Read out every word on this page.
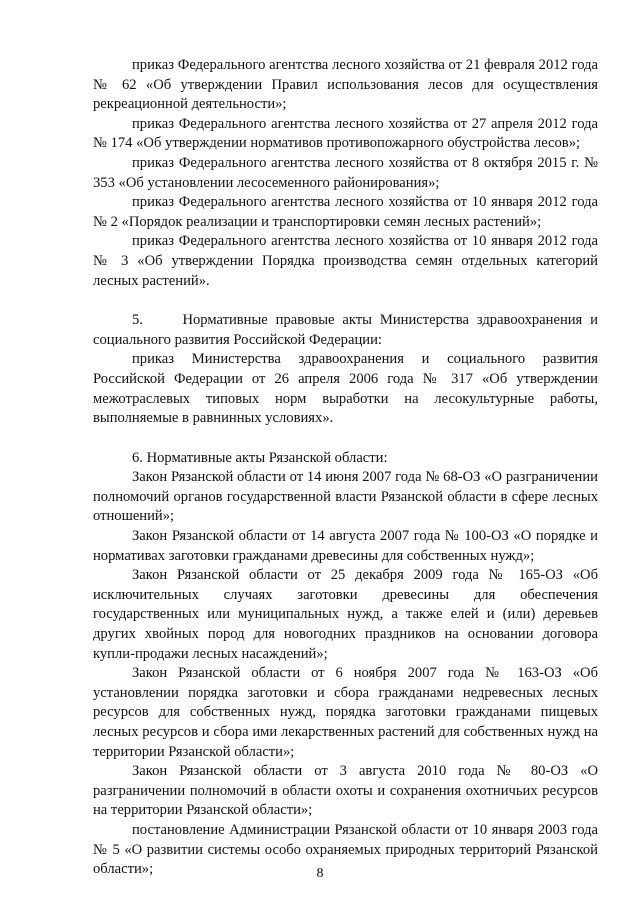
приказ Федерального агентства лесного хозяйства от 21 февраля 2012 года № 62 «Об утверждении Правил использования лесов для осуществления рекреационной деятельности»;

приказ Федерального агентства лесного хозяйства от 27 апреля 2012 года № 174 «Об утверждении нормативов противопожарного обустройства лесов»;

приказ Федерального агентства лесного хозяйства от 8 октября 2015 г. № 353 «Об установлении лесосеменного районирования»;

приказ Федерального агентства лесного хозяйства от 10 января 2012 года № 2 «Порядок реализации и транспортировки семян лесных растений»;

приказ Федерального агентства лесного хозяйства от 10 января 2012 года № 3 «Об утверждении Порядка производства семян отдельных категорий лесных растений».

5.     Нормативные правовые акты Министерства здравоохранения и социального развития Российской Федерации:

приказ Министерства здравоохранения и социального развития Российской Федерации от 26 апреля 2006 года № 317 «Об утверждении межотраслевых типовых норм выработки на лесокультурные работы, выполняемые в равнинных условиях».

6. Нормативные акты Рязанской области:

Закон Рязанской области от 14 июня 2007 года № 68-ОЗ «О разграничении полномочий органов государственной власти Рязанской области в сфере лесных отношений»;

Закон Рязанской области от 14 августа 2007 года № 100-ОЗ «О порядке и нормативах заготовки гражданами древесины для собственных нужд»;

Закон Рязанской области от 25 декабря 2009 года № 165-ОЗ «Об исключительных случаях заготовки древесины для обеспечения государственных или муниципальных нужд, а также елей и (или) деревьев других хвойных пород для новогодних праздников на основании договора купли-продажи лесных насаждений»;

Закон Рязанской области от 6 ноября 2007 года № 163-ОЗ «Об установлении порядка заготовки и сбора гражданами недревесных лесных ресурсов для собственных нужд, порядка заготовки гражданами пищевых лесных ресурсов и сбора ими лекарственных растений для собственных нужд на территории Рязанской области»;

Закон Рязанской области от 3 августа 2010 года № 80-ОЗ «О разграничении полномочий в области охоты и сохранения охотничьих ресурсов на территории Рязанской области»;

постановление Администрации Рязанской области от 10 января 2003 года № 5 «О развитии системы особо охраняемых природных территорий Рязанской области»;	8
